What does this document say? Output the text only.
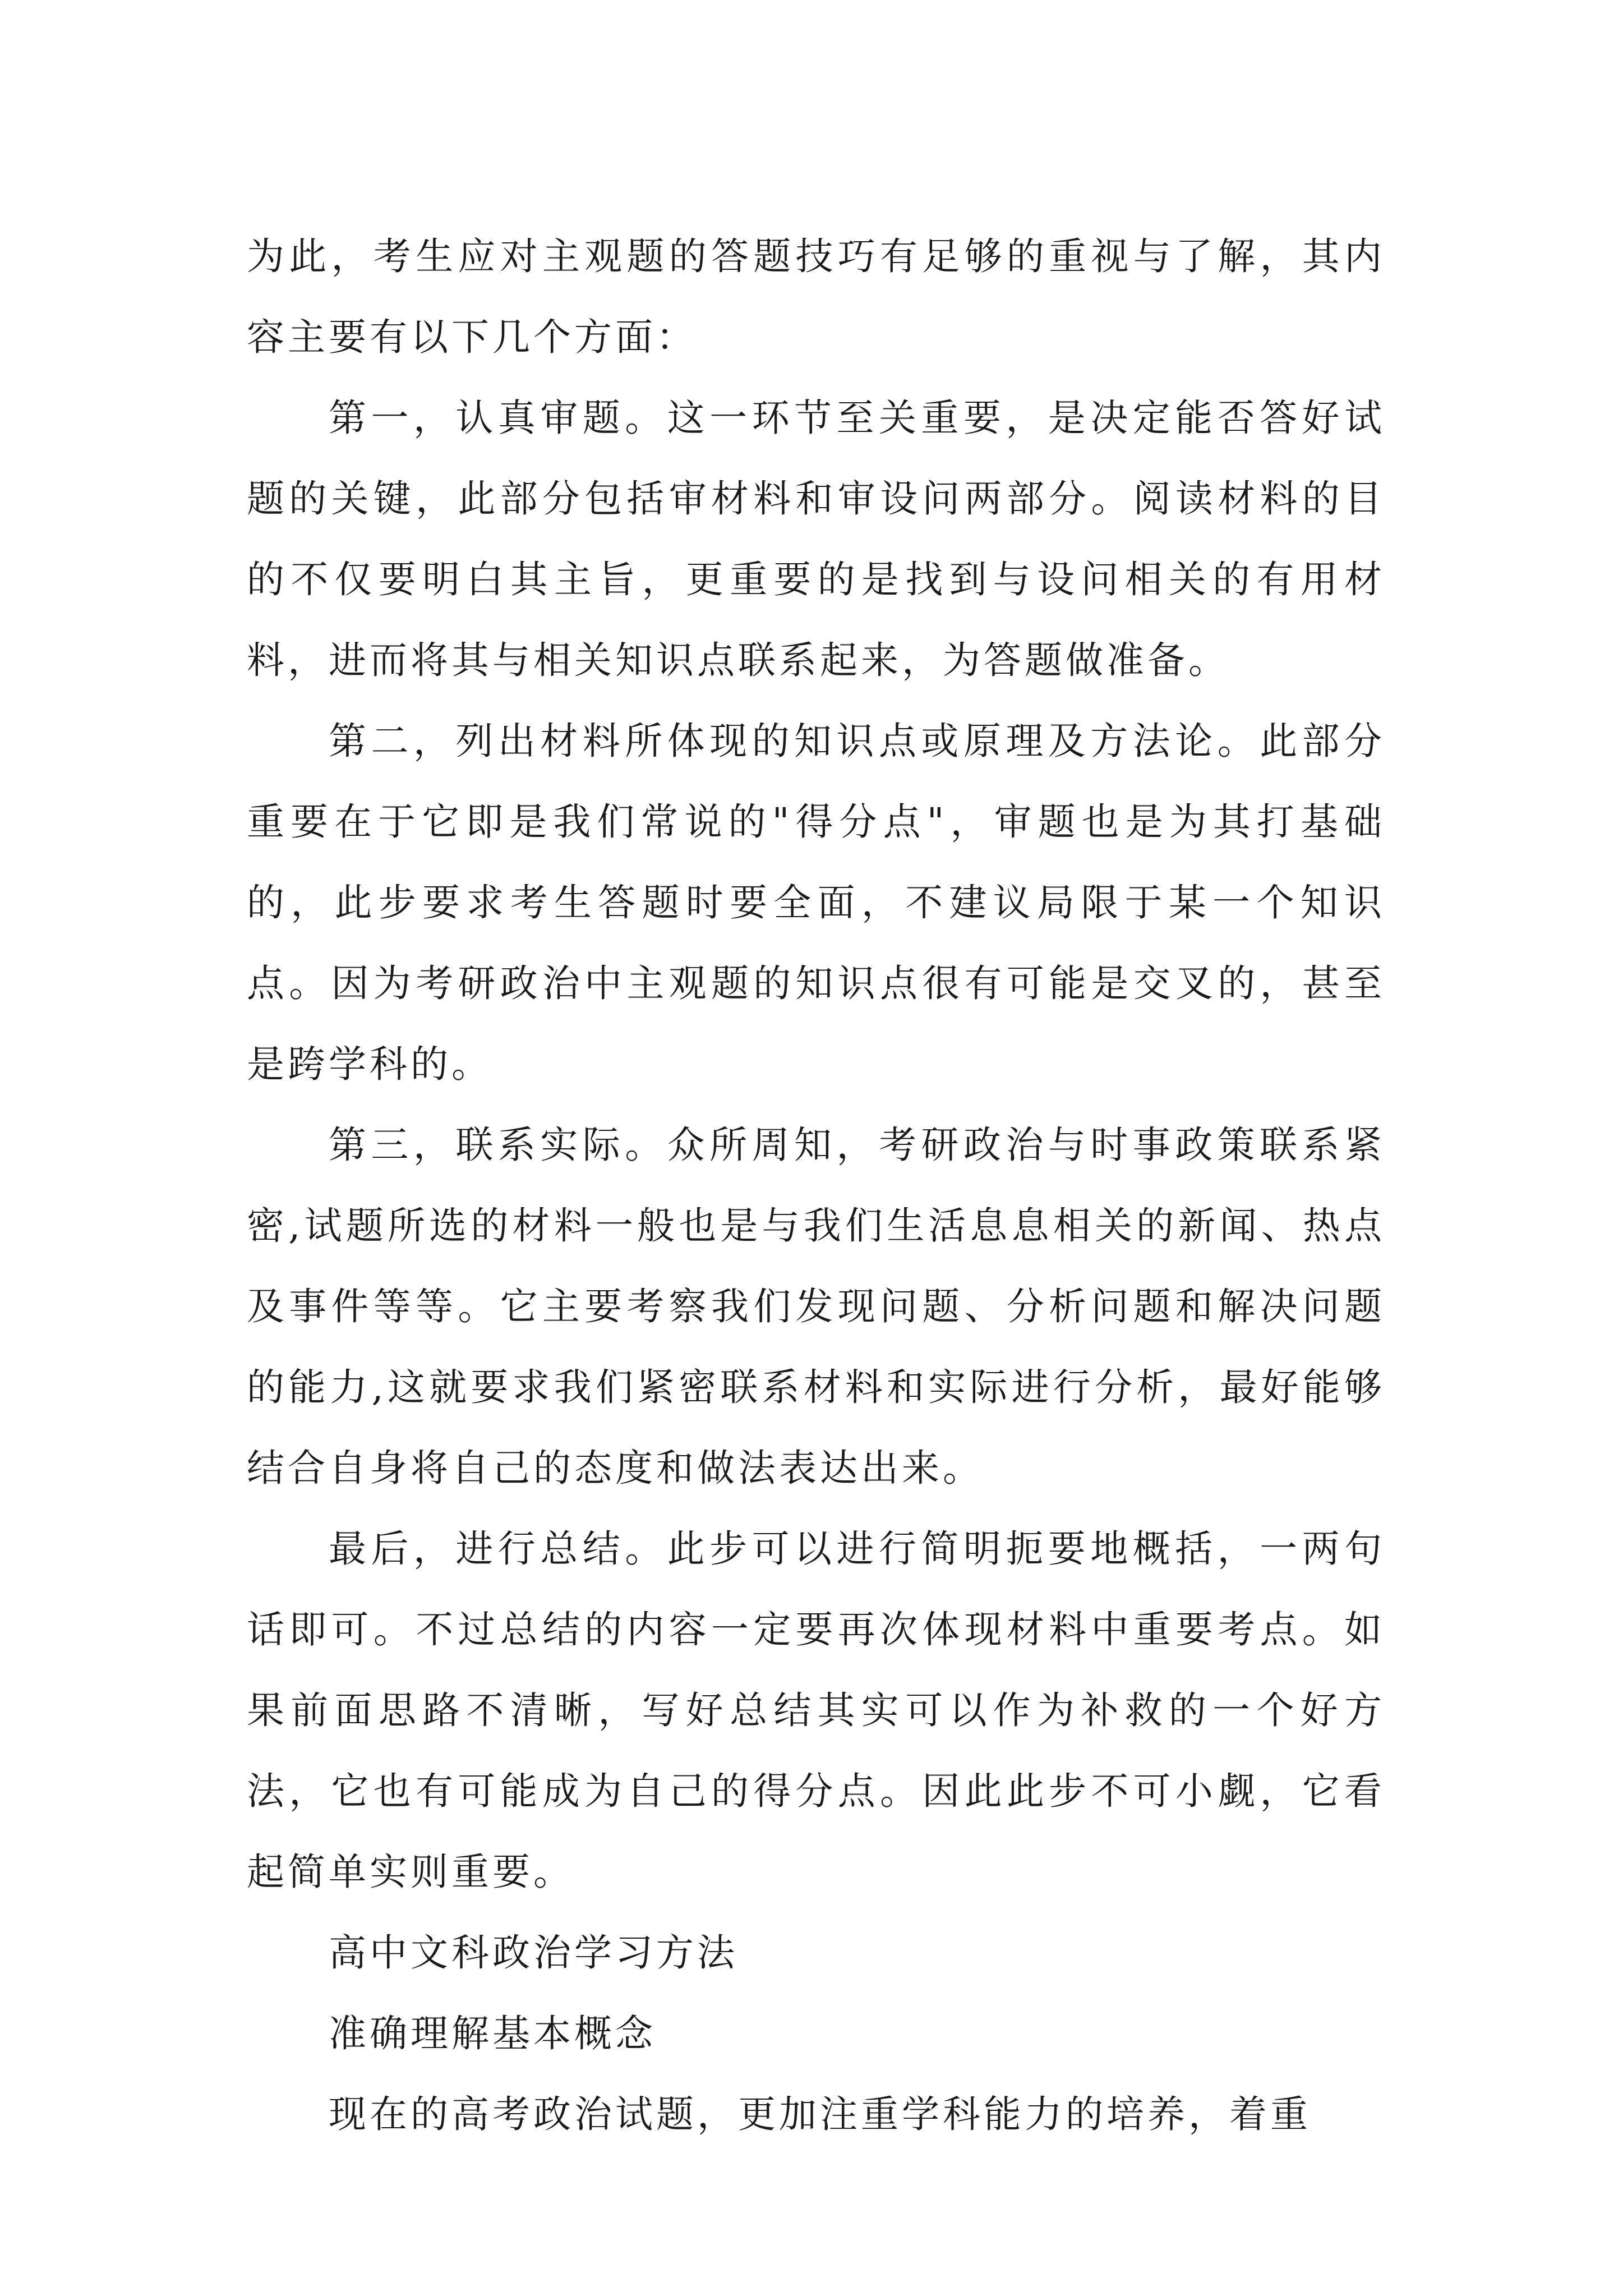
为此，考生应对主观题的答题技巧有足够的重视与了解，其内容主要有以下几个方面：

第一，认真审题。这一环节至关重要，是决定能否答好试题的关键，此部分包括审材料和审设问两部分。阅读材料的目的不仅要明白其主旨，更重要的是找到与设问相关的有用材料，进而将其与相关知识点联系起来，为答题做准备。

第二，列出材料所体现的知识点或原理及方法论。此部分重要在于它即是我们常说的"得分点"，审题也是为其打基础的，此步要求考生答题时要全面，不建议局限于某一个知识点。因为考研政治中主观题的知识点很有可能是交叉的，甚至是跨学科的。

第三，联系实际。众所周知，考研政治与时事政策联系紧密,试题所选的材料一般也是与我们生活息息相关的新闻、热点及事件等等。它主要考察我们发现问题、分析问题和解决问题的能力,这就要求我们紧密联系材料和实际进行分析，最好能够结合自身将自己的态度和做法表达出来。

最后，进行总结。此步可以进行简明扼要地概括，一两句话即可。不过总结的内容一定要再次体现材料中重要考点。如果前面思路不清晰，写好总结其实可以作为补救的一个好方法，它也有可能成为自己的得分点。因此此步不可小觑，它看起简单实则重要。

高中文科政治学习方法

准确理解基本概念

现在的高考政治试题，更加注重学科能力的培养，着重
